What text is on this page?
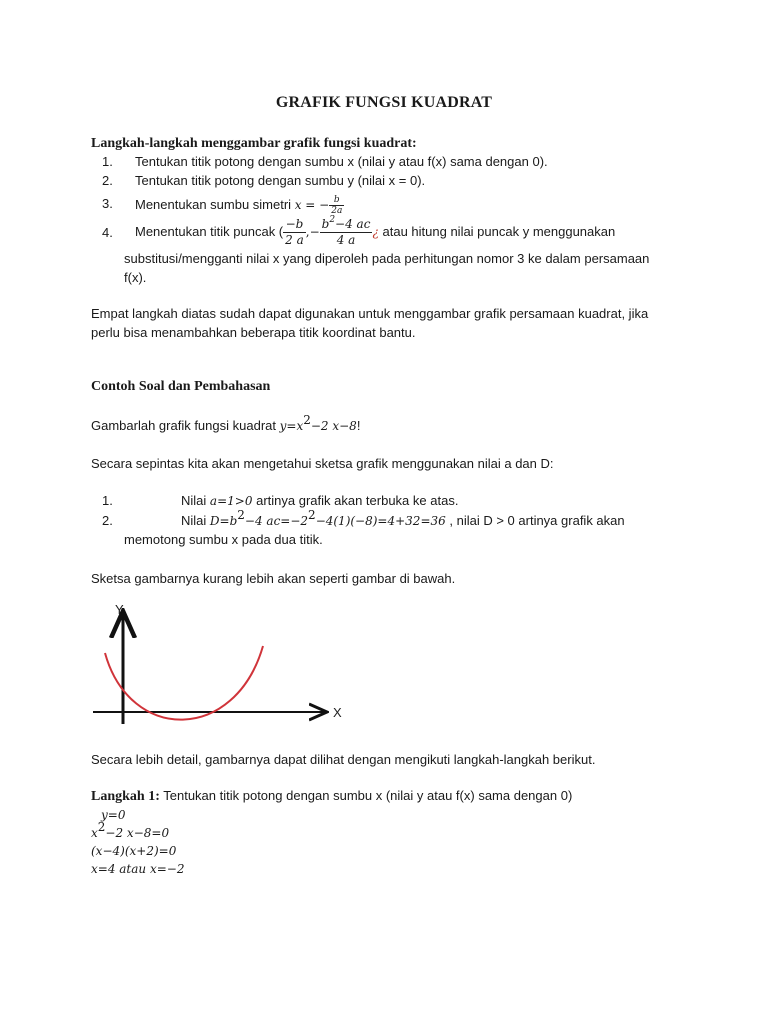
GRAFIK FUNGSI KUADRAT
Langkah-langkah menggambar grafik fungsi kuadrat:
1. Tentukan titik potong dengan sumbu x (nilai y atau f(x) sama dengan 0).
2. Tentukan titik potong dengan sumbu y (nilai x = 0).
3. Menentukan sumbu simetri x = − $\frac{b}{2a}$
4. Menentukan titik puncak ( $\frac{-b}{2 a}$ ,− $\frac{b^2-4 ac}{4 a}$ ¿ atau hitung nilai puncak y menggunakan
substitusi/mengganti nilai x yang diperoleh pada perhitungan nomor 3 ke dalam persamaan
f(x).
Empat langkah diatas sudah dapat digunakan untuk menggambar grafik persamaan kuadrat, jika
perlu bisa menambahkan beberapa titik koordinat bantu.
Contoh Soal dan Pembahasan
Gambarlah grafik fungsi kuadrat $y=x^2-2$ x−8!
Secara sepintas kita akan mengetahui sketsa grafik menggunakan nilai a dan D:
1.	Nilai a=1>0 artinya grafik akan terbuka ke atas.
2.	Nilai $D=b^2-4$ $ac=-2^2-4(1)(-8)=4+32=36$ , nilai D > 0 artinya grafik akan
memotong sumbu x pada dua titik.
Sketsa gambarnya kurang lebih akan seperti gambar di bawah.
Y
X
Secara lebih detail, gambarnya dapat dilihat dengan mengikuti langkah-langkah berikut.
Langkah 1: Tentukan titik potong dengan sumbu x (nilai y atau f(x) sama dengan 0)
y=0
$x^2-2$ x−8=0
(x−4)(x+2)=0
x=4 atau x=−2
